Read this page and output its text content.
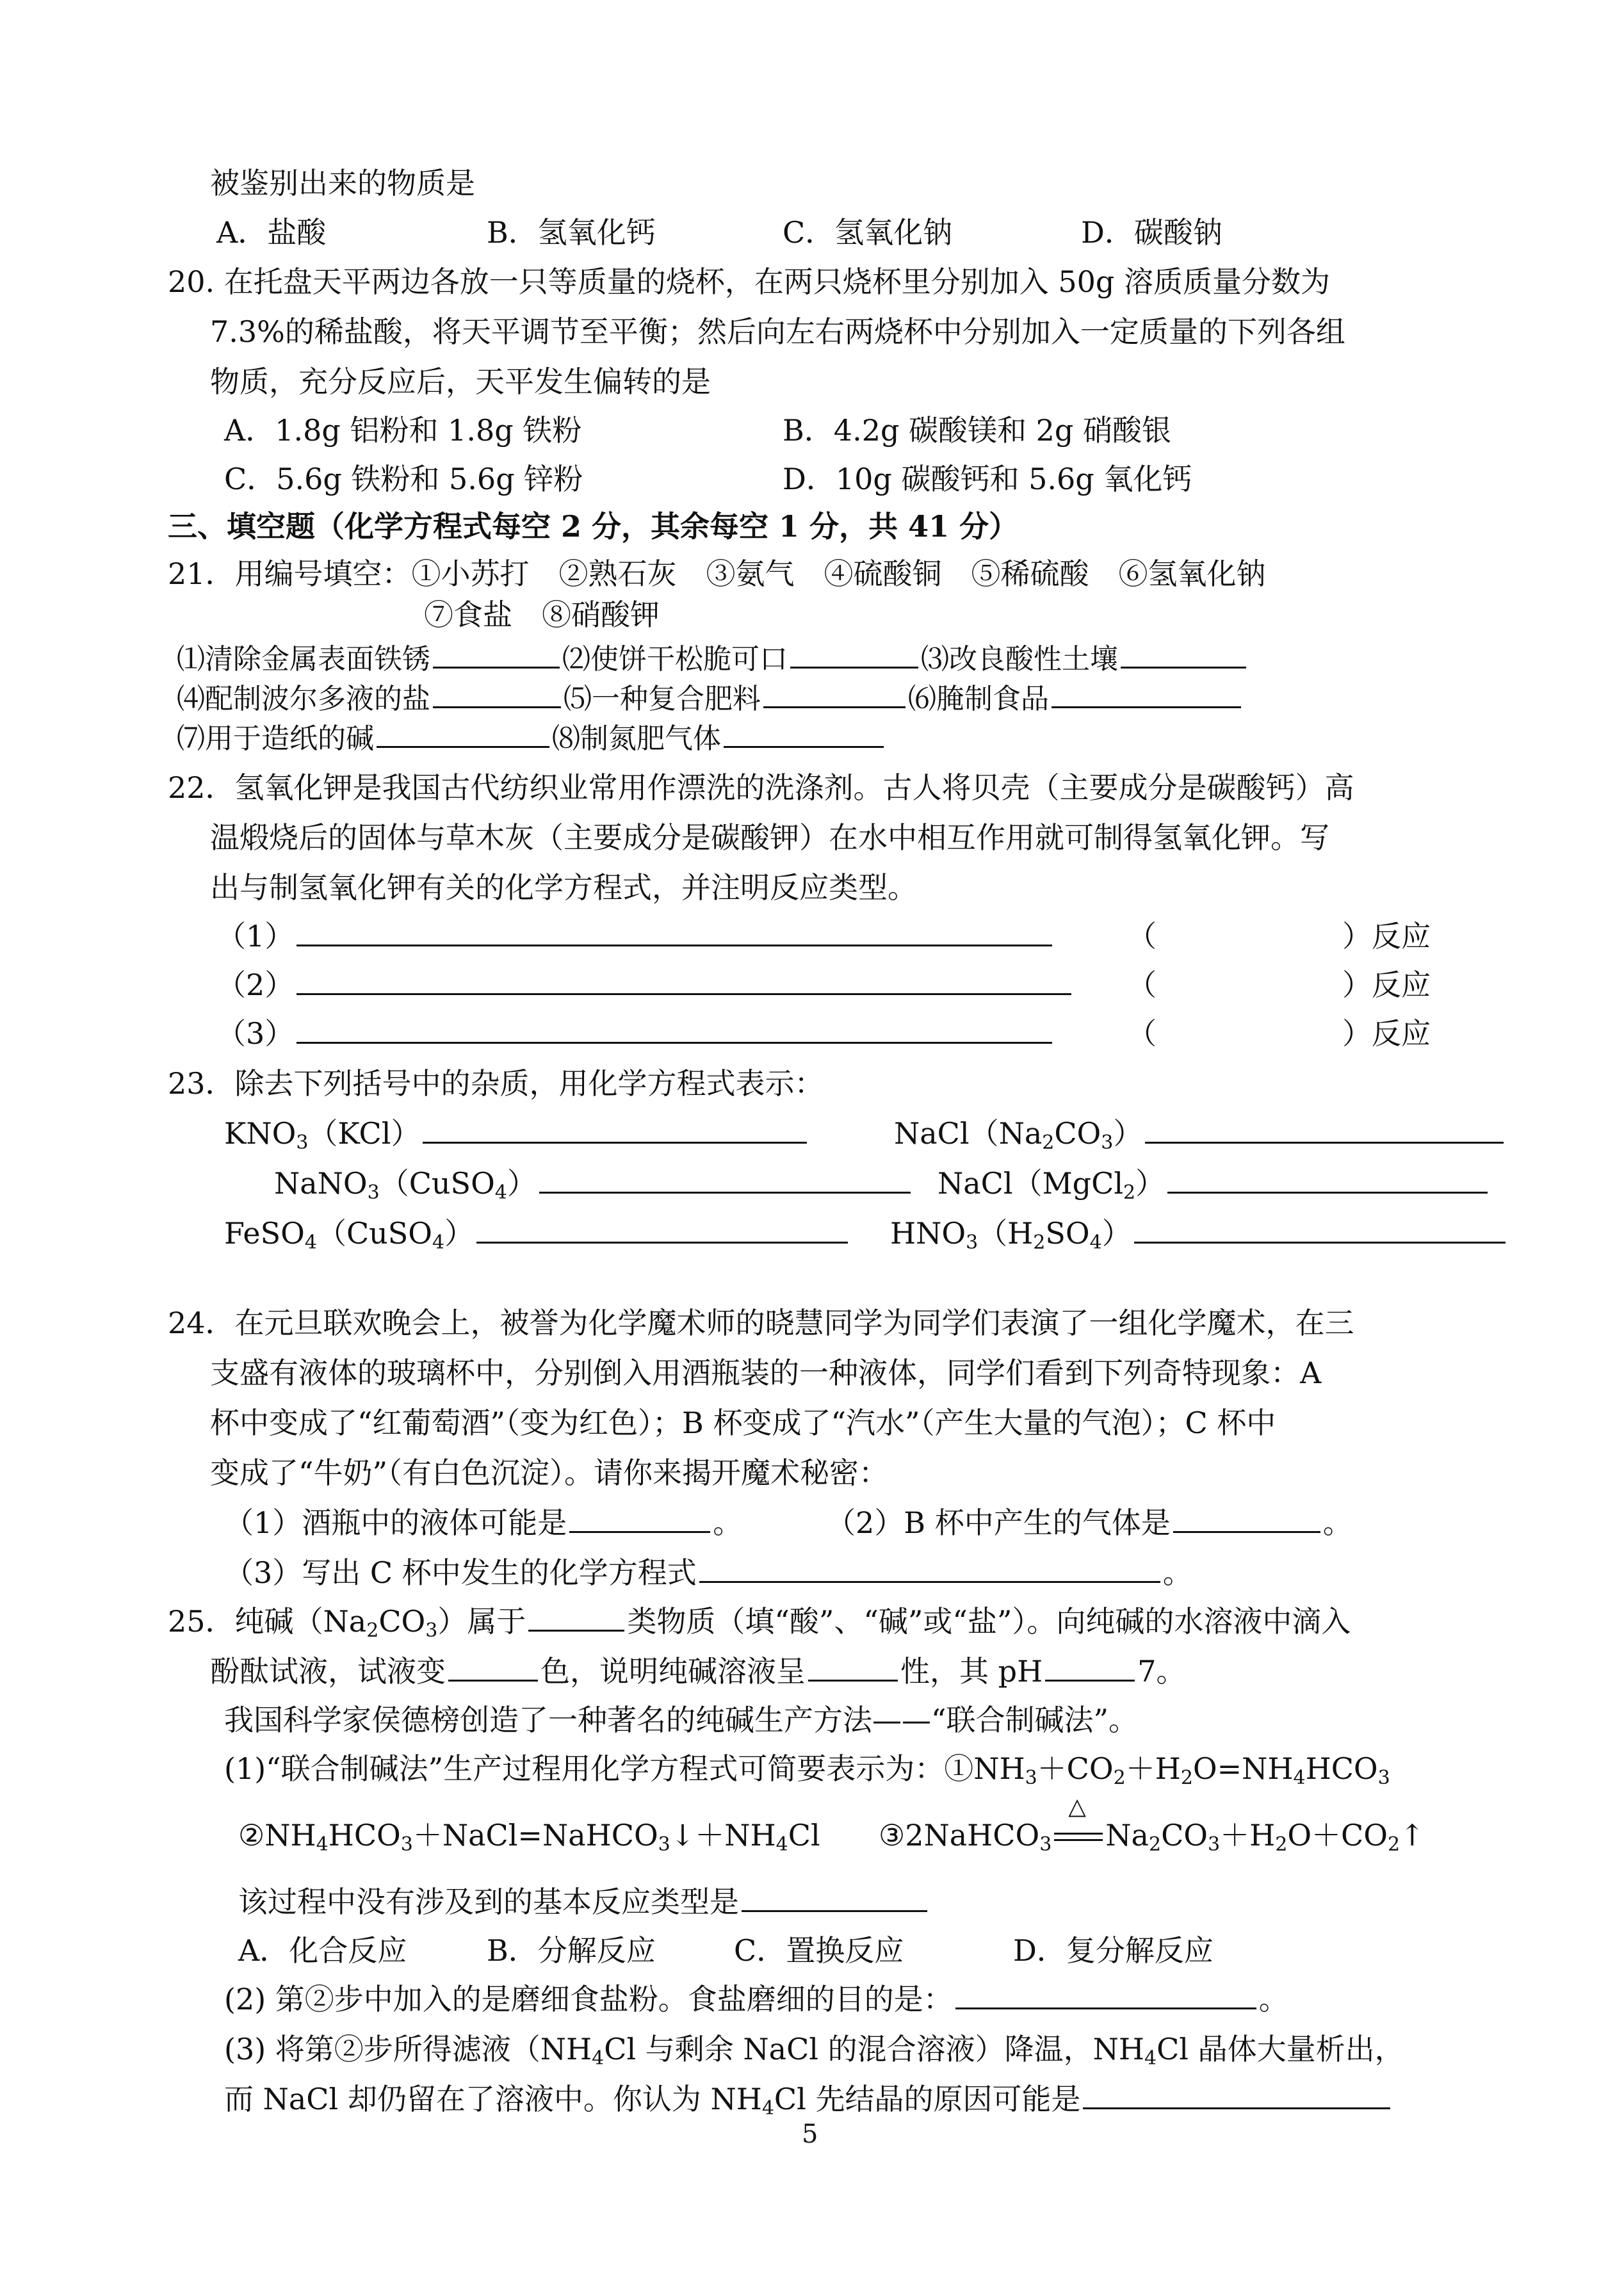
被鉴别出来的物质是
A．盐酸	B．氢氧化钙	C．氢氧化钠	D．碳酸钠
20. 在托盘天平两边各放一只等质量的烧杯，在两只烧杯里分别加入 50g 溶质质量分数为
7.3%的稀盐酸，将天平调节至平衡；然后向左右两烧杯中分别加入一定质量的下列各组
物质，充分反应后，天平发生偏转的是
A．1.8g 铝粉和 1.8g 铁粉	B．4.2g 碳酸镁和 2g 硝酸银
C．5.6g 铁粉和 5.6g 锌粉	D．10g 碳酸钙和 5.6g 氧化钙
三、填空题（化学方程式每空 2 分，其余每空 1 分，共 41 分）
21．用编号填空：①小苏打　②熟石灰　③氨气　④硫酸铜　⑤稀硫酸　⑥氢氧化钠
⑦食盐　⑧硝酸钾
⑴清除金属表面铁锈	⑵使饼干松脆可口	⑶改良酸性土壤
⑷配制波尔多液的盐	⑸一种复合肥料	⑹腌制食品
⑺用于造纸的碱	⑻制氮肥气体
22．氢氧化钾是我国古代纺织业常用作漂洗的洗涤剂。古人将贝壳（主要成分是碳酸钙）高
温煅烧后的固体与草木灰（主要成分是碳酸钾）在水中相互作用就可制得氢氧化钾。写
出与制氢氧化钾有关的化学方程式，并注明反应类型。
（1）	（	）反应
（2）	（	）反应
（3）	（	）反应
23．除去下列括号中的杂质，用化学方程式表示：
$KNO_3(KCl)$	$NaCl(Na_2CO_3)$
NaNO$_3$（CuSO$_4$）	NaCl（MgCl$_2$）
FeSO$_4$（CuSO$_4$）	$HNO_3(H_2SO_4)$
24．在元旦联欢晚会上，被誉为化学魔术师的晓慧同学为同学们表演了一组化学魔术，在三
支盛有液体的玻璃杯中，分别倒入用酒瓶装的一种液体，同学们看到下列奇特现象：A
杯中变成了“红葡萄酒”（变为红色）；B 杯变成了“汽水”（产生大量的气泡）；C 杯中
变成了“牛奶”（有白色沉淀）。请你来揭开魔术秘密：
（1）酒瓶中的液体可能是	。	（2）B 杯中产生的气体是	。
（3）写出 C 杯中发生的化学方程式	。
25．纯碱$(Na_2CO_3)$属于	类物质（填“酸”、“碱”或“盐”）。向纯碱的水溶液中滴入
酚酞试液，试液变	色，说明纯碱溶液呈	性，其 pH	7。
我国科学家侯德榜创造了一种著名的纯碱生产方法——“联合制碱法”。
(1)“联合制碱法”生产过程用化学方程式可简要表示为：$①NH_3+CO_2+H_2O=NH_4HCO_3$
$②NH_4HCO_3+NaCl=NaHCO_3↓+NH_4Cl$ ③2NaHCO$_3$
△
$Na_2CO_3+H_2O+CO_2↑$
该过程中没有涉及到的基本反应类型是
A．化合反应	B．分解反应	C．置换反应	D．复分解反应
(2) 第②步中加入的是磨细食盐粉。食盐磨细的目的是：	。
(3) 将第②步所得滤液（$NH_4Cl$ 与剩余 NaCl 的混合溶液）降温，$NH_4Cl$ 晶体大量析出，
而 NaCl 却仍留在了溶液中。你认为 $NH_4Cl$ 先结晶的原因可能是
5
